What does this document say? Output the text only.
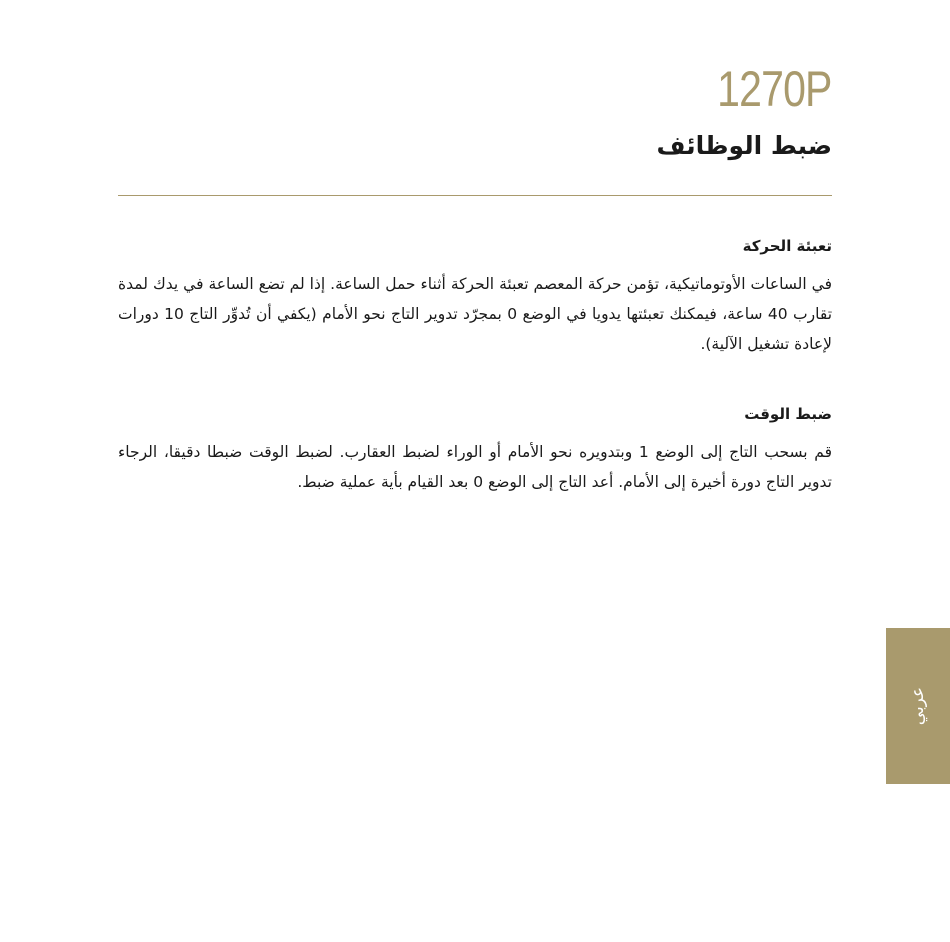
1270P
ضبط الوظائف
تعبئة الحركة

في الساعات الأوتوماتيكية، تؤمن حركة المعصم تعبئة الحركة أثناء حمل الساعة. إذا لم تضع الساعة في يدك لمدة تقارب 40 ساعة، فيمكنك تعبئتها يدويا في الوضع 0 بمجرّد تدوير التاج نحو الأمام (يكفي أن تُدوِّر التاج 10 دورات لإعادة تشغيل الآلية).

ضبط الوقت

قم بسحب التاج إلى الوضع 1 وبتدويره نحو الأمام أو الوراء لضبط العقارب. لضبط الوقت ضبطا دقيقا، الرجاء تدوير التاج دورة أخيرة إلى الأمام. أعد التاج إلى الوضع 0 بعد القيام بأية عملية ضبط.

عربي
